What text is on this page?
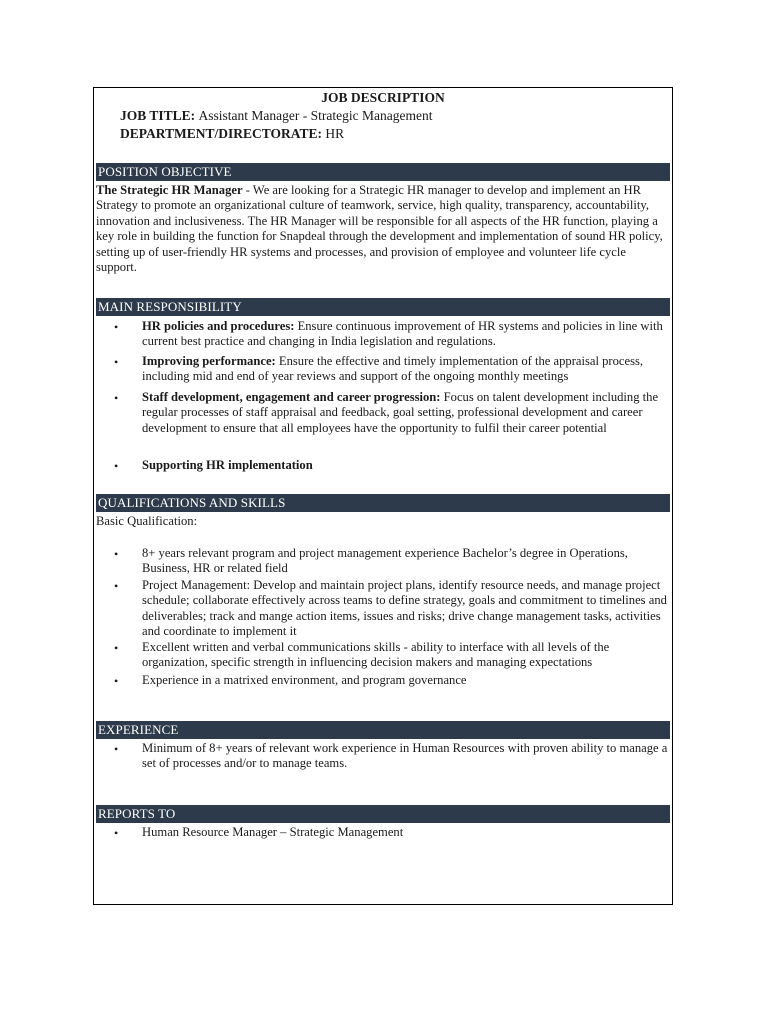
JOB DESCRIPTION
JOB TITLE: Assistant Manager - Strategic Management
DEPARTMENT/DIRECTORATE: HR
POSITION OBJECTIVE
The Strategic HR Manager - We are looking for a Strategic HR manager to develop and implement an HR Strategy to promote an organizational culture of teamwork, service, high quality, transparency, accountability, innovation and inclusiveness. The HR Manager will be responsible for all aspects of the HR function, playing a key role in building the function for Snapdeal through the development and implementation of sound HR policy, setting up of user-friendly HR systems and processes, and provision of employee and volunteer life cycle support.
MAIN RESPONSIBILITY
• HR policies and procedures: Ensure continuous improvement of HR systems and policies in line with current best practice and changing in India legislation and regulations.
• Improving performance: Ensure the effective and timely implementation of the appraisal process, including mid and end of year reviews and support of the ongoing monthly meetings
• Staff development, engagement and career progression: Focus on talent development including the regular processes of staff appraisal and feedback, goal setting, professional development and career development to ensure that all employees have the opportunity to fulfil their career potential
• Supporting HR implementation
QUALIFICATIONS AND SKILLS
Basic Qualification:
• 8+ years relevant program and project management experience Bachelor’s degree in Operations, Business, HR or related field
• Project Management: Develop and maintain project plans, identify resource needs, and manage project schedule; collaborate effectively across teams to define strategy, goals and commitment to timelines and deliverables; track and mange action items, issues and risks; drive change management tasks, activities and coordinate to implement it
• Excellent written and verbal communications skills - ability to interface with all levels of the organization, specific strength in influencing decision makers and managing expectations
• Experience in a matrixed environment, and program governance
EXPERIENCE
• Minimum of 8+ years of relevant work experience in Human Resources with proven ability to manage a set of processes and/or to manage teams.
REPORTS TO
• Human Resource Manager – Strategic Management
